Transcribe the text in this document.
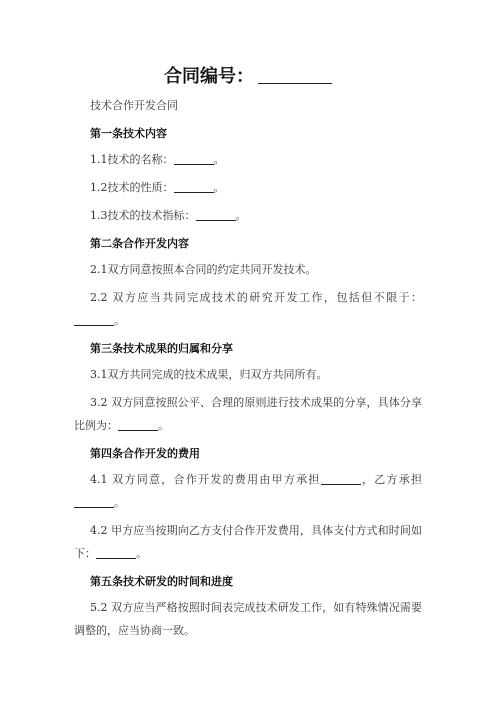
合同编号：

技术合作开发合同

第一条技术内容

1.1技术的名称：	。

1.2技术的性质：	。

1.3技术的技术指标：	。

第二条合作开发内容

2.1双方同意按照本合同的约定共同开发技术。

2.2 双方应当共同完成技术的研究开发工作，包括但不限于：。

第三条技术成果的归属和分享

3.1双方共同完成的技术成果，归双方共同所有。

3.2 双方同意按照公平、合理的原则进行技术成果的分享，具体分享比例为：	。

第四条合作开发的费用

4.1 双方同意，合作开发的费用由甲方承担	，乙方承担。

4.2 甲方应当按期向乙方支付合作开发费用，具体支付方式和时间如下：	。

第五条技术研发的时间和进度

5.2 双方应当严格按照时间表完成技术研发工作，如有特殊情况需要调整的，应当协商一致。
